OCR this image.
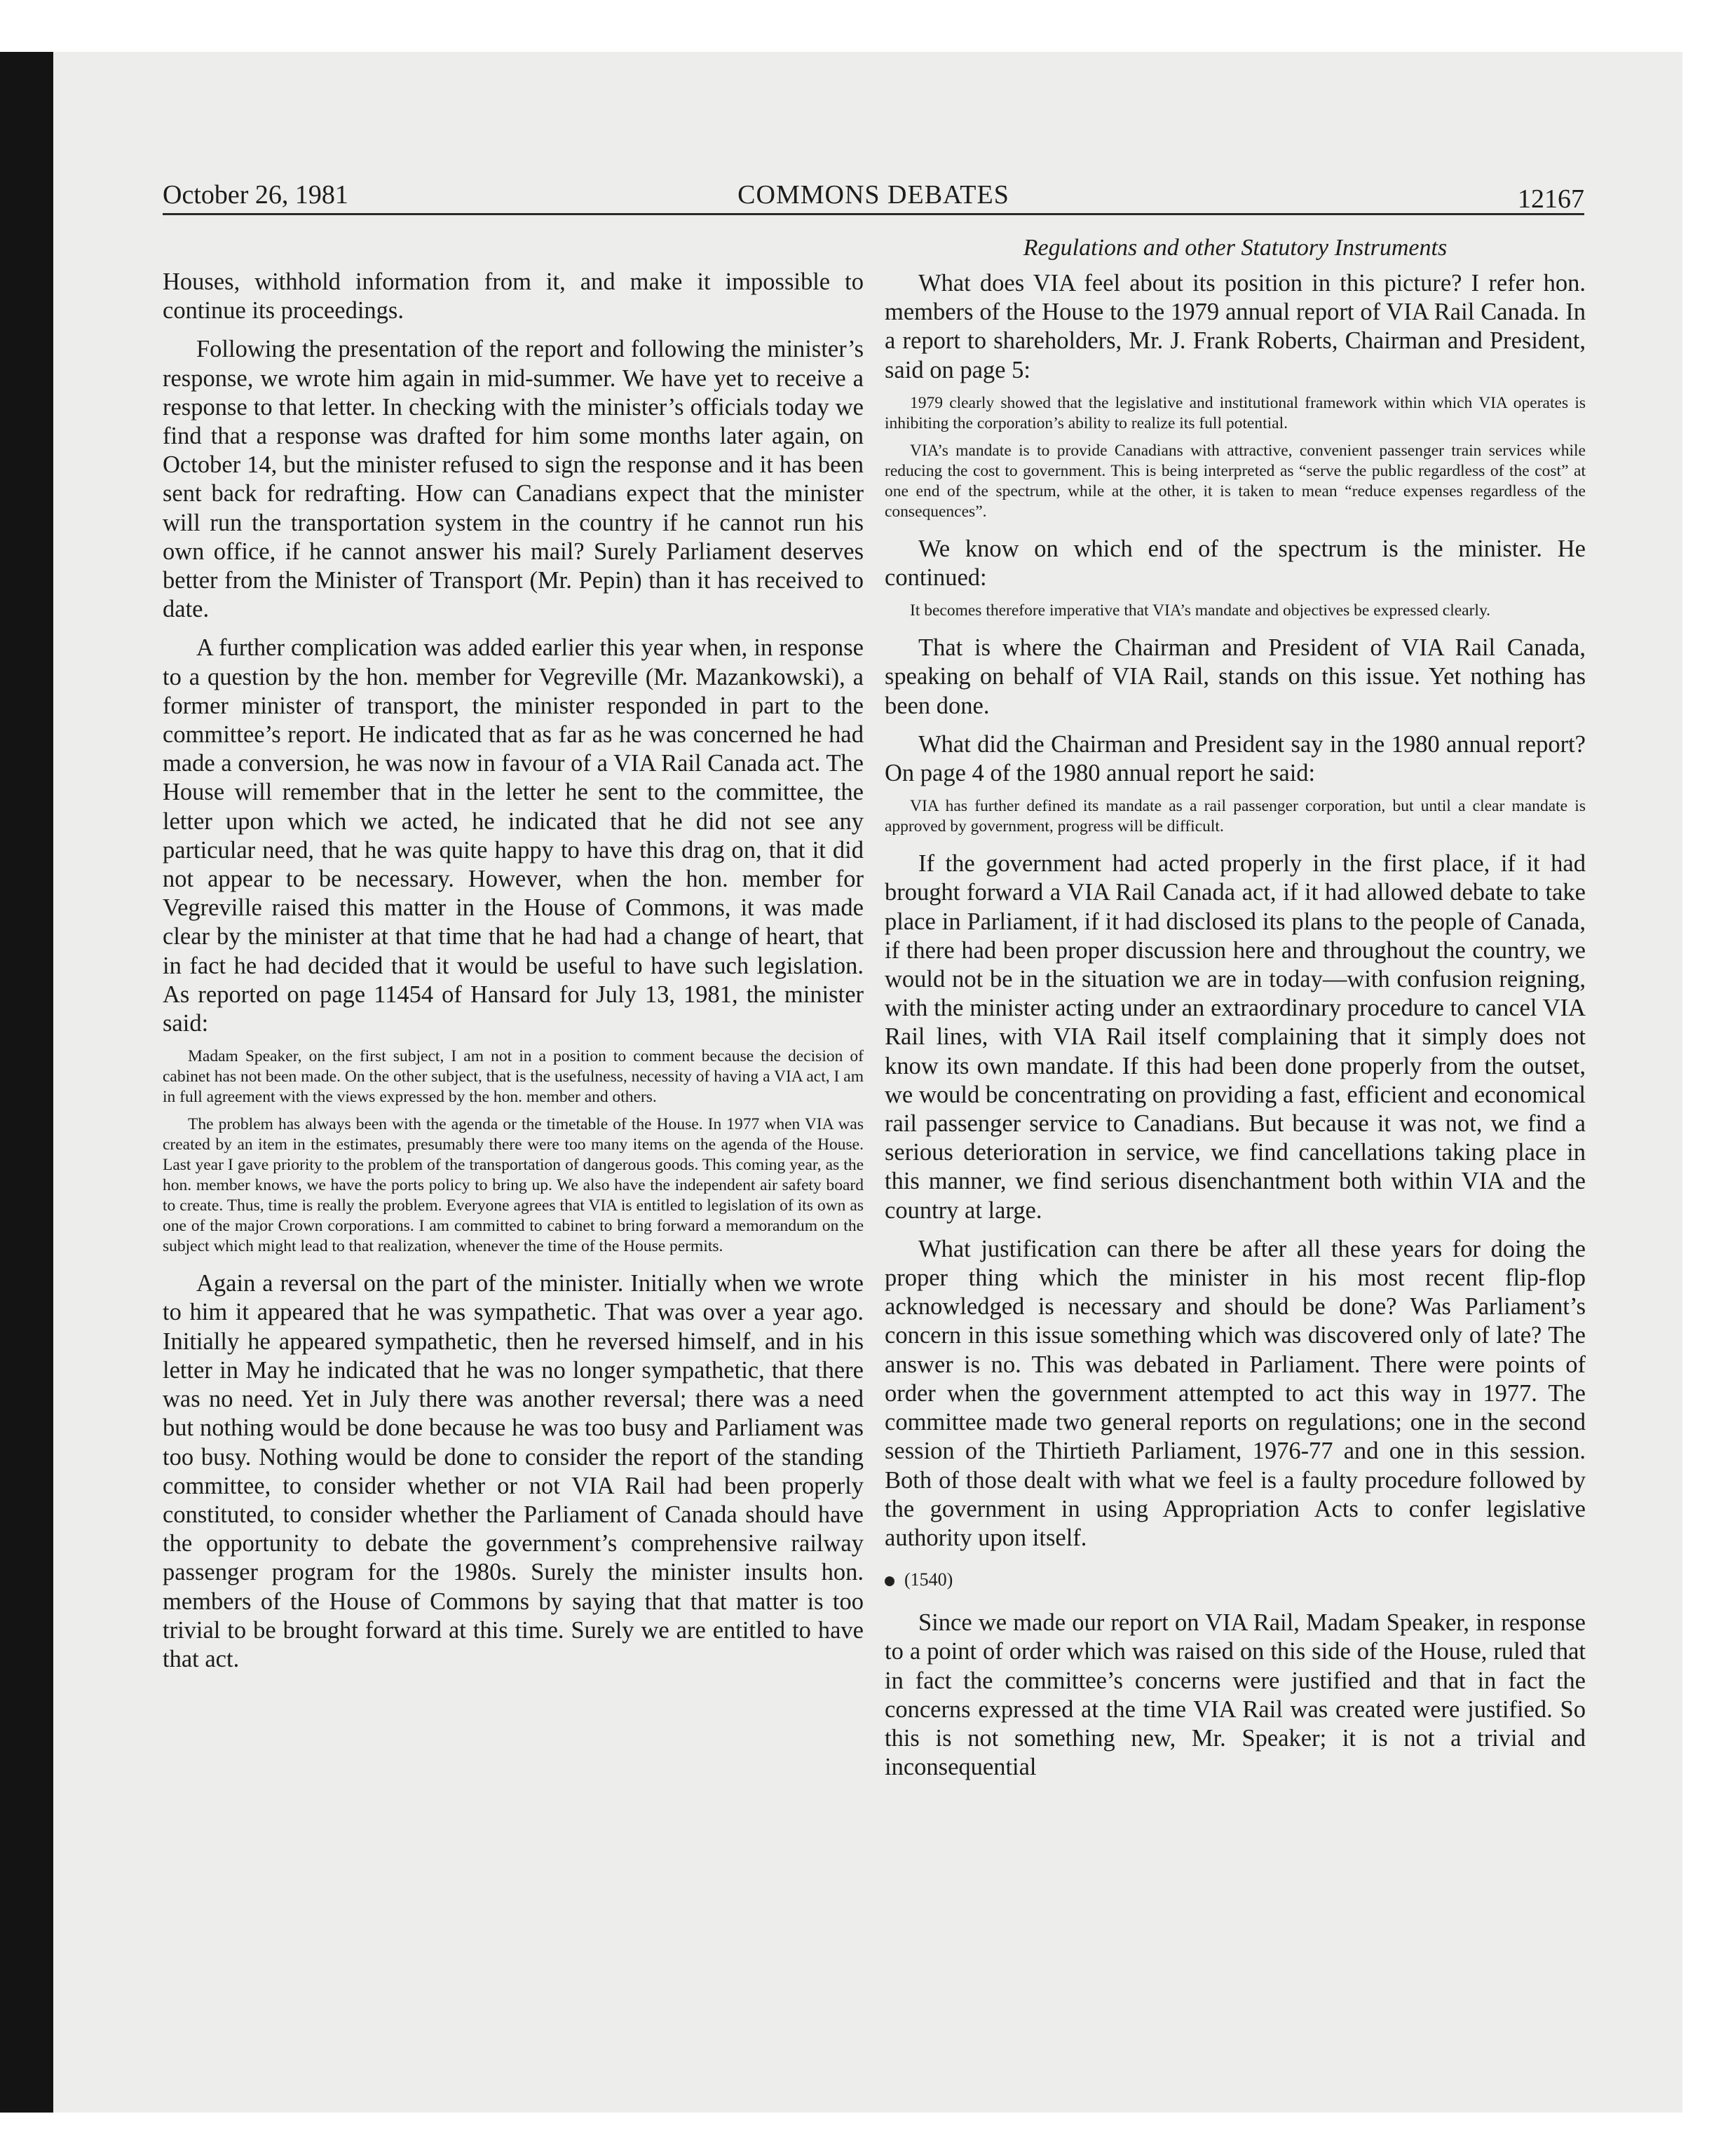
October 26, 1981	COMMONS DEBATES	12167

Houses, withhold information from it, and make it impossible to continue its proceedings.

Following the presentation of the report and following the minister’s response, we wrote him again in mid-summer. We have yet to receive a response to that letter. In checking with the minister’s officials today we find that a response was drafted for him some months later again, on October 14, but the minister refused to sign the response and it has been sent back for redrafting. How can Canadians expect that the minister will run the transportation system in the country if he cannot run his own office, if he cannot answer his mail? Surely Parliament deserves better from the Minister of Transport (Mr. Pepin) than it has received to date.

A further complication was added earlier this year when, in response to a question by the hon. member for Vegreville (Mr. Mazankowski), a former minister of transport, the minister responded in part to the committee’s report. He indicated that as far as he was concerned he had made a conversion, he was now in favour of a VIA Rail Canada act. The House will remember that in the letter he sent to the committee, the letter upon which we acted, he indicated that he did not see any particular need, that he was quite happy to have this drag on, that it did not appear to be necessary. However, when the hon. member for Vegreville raised this matter in the House of Commons, it was made clear by the minister at that time that he had had a change of heart, that in fact he had decided that it would be useful to have such legislation. As reported on page 11454 of Hansard for July 13, 1981, the minister said:

Madam Speaker, on the first subject, I am not in a position to comment because the decision of cabinet has not been made. On the other subject, that is the usefulness, necessity of having a VIA act, I am in full agreement with the views expressed by the hon. member and others.
The problem has always been with the agenda or the timetable of the House. In 1977 when VIA was created by an item in the estimates, presumably there were too many items on the agenda of the House. Last year I gave priority to the problem of the transportation of dangerous goods. This coming year, as the hon. member knows, we have the ports policy to bring up. We also have the independent air safety board to create. Thus, time is really the problem. Everyone agrees that VIA is entitled to legislation of its own as one of the major Crown corporations. I am committed to cabinet to bring forward a memorandum on the subject which might lead to that realization, whenever the time of the House permits.

Again a reversal on the part of the minister. Initially when we wrote to him it appeared that he was sympathetic. That was over a year ago. Initially he appeared sympathetic, then he reversed himself, and in his letter in May he indicated that he was no longer sympathetic, that there was no need. Yet in July there was another reversal; there was a need but nothing would be done because he was too busy and Parliament was too busy. Nothing would be done to consider the report of the standing committee, to consider whether or not VIA Rail had been properly constituted, to consider whether the Parliament of Canada should have the opportunity to debate the government’s comprehensive railway passenger program for the 1980s. Surely the minister insults hon. members of the House of Commons by saying that that matter is too trivial to be brought forward at this time. Surely we are entitled to have that act.

Regulations and other Statutory Instruments

What does VIA feel about its position in this picture? I refer hon. members of the House to the 1979 annual report of VIA Rail Canada. In a report to shareholders, Mr. J. Frank Roberts, Chairman and President, said on page 5:

1979 clearly showed that the legislative and institutional framework within which VIA operates is inhibiting the corporation’s ability to realize its full potential.
VIA’s mandate is to provide Canadians with attractive, convenient passenger train services while reducing the cost to government. This is being interpreted as “serve the public regardless of the cost” at one end of the spectrum, while at the other, it is taken to mean “reduce expenses regardless of the consequences”.

We know on which end of the spectrum is the minister. He continued:

It becomes therefore imperative that VIA’s mandate and objectives be expressed clearly.

That is where the Chairman and President of VIA Rail Canada, speaking on behalf of VIA Rail, stands on this issue. Yet nothing has been done.

What did the Chairman and President say in the 1980 annual report? On page 4 of the 1980 annual report he said:

VIA has further defined its mandate as a rail passenger corporation, but until a clear mandate is approved by government, progress will be difficult.

If the government had acted properly in the first place, if it had brought forward a VIA Rail Canada act, if it had allowed debate to take place in Parliament, if it had disclosed its plans to the people of Canada, if there had been proper discussion here and throughout the country, we would not be in the situation we are in today—with confusion reigning, with the minister acting under an extraordinary procedure to cancel VIA Rail lines, with VIA Rail itself complaining that it simply does not know its own mandate. If this had been done properly from the outset, we would be concentrating on providing a fast, efficient and economical rail passenger service to Canadians. But because it was not, we find a serious deterioration in service, we find cancellations taking place in this manner, we find serious disenchantment both within VIA and the country at large.

What justification can there be after all these years for doing the proper thing which the minister in his most recent flip-flop acknowledged is necessary and should be done? Was Parliament’s concern in this issue something which was discovered only of late? The answer is no. This was debated in Parliament. There were points of order when the government attempted to act this way in 1977. The committee made two general reports on regulations; one in the second session of the Thirtieth Parliament, 1976-77 and one in this session. Both of those dealt with what we feel is a faulty procedure followed by the government in using Appropriation Acts to confer legislative authority upon itself.

(1540)

Since we made our report on VIA Rail, Madam Speaker, in response to a point of order which was raised on this side of the House, ruled that in fact the committee’s concerns were justified and that in fact the concerns expressed at the time VIA Rail was created were justified. So this is not something new, Mr. Speaker; it is not a trivial and inconsequential
